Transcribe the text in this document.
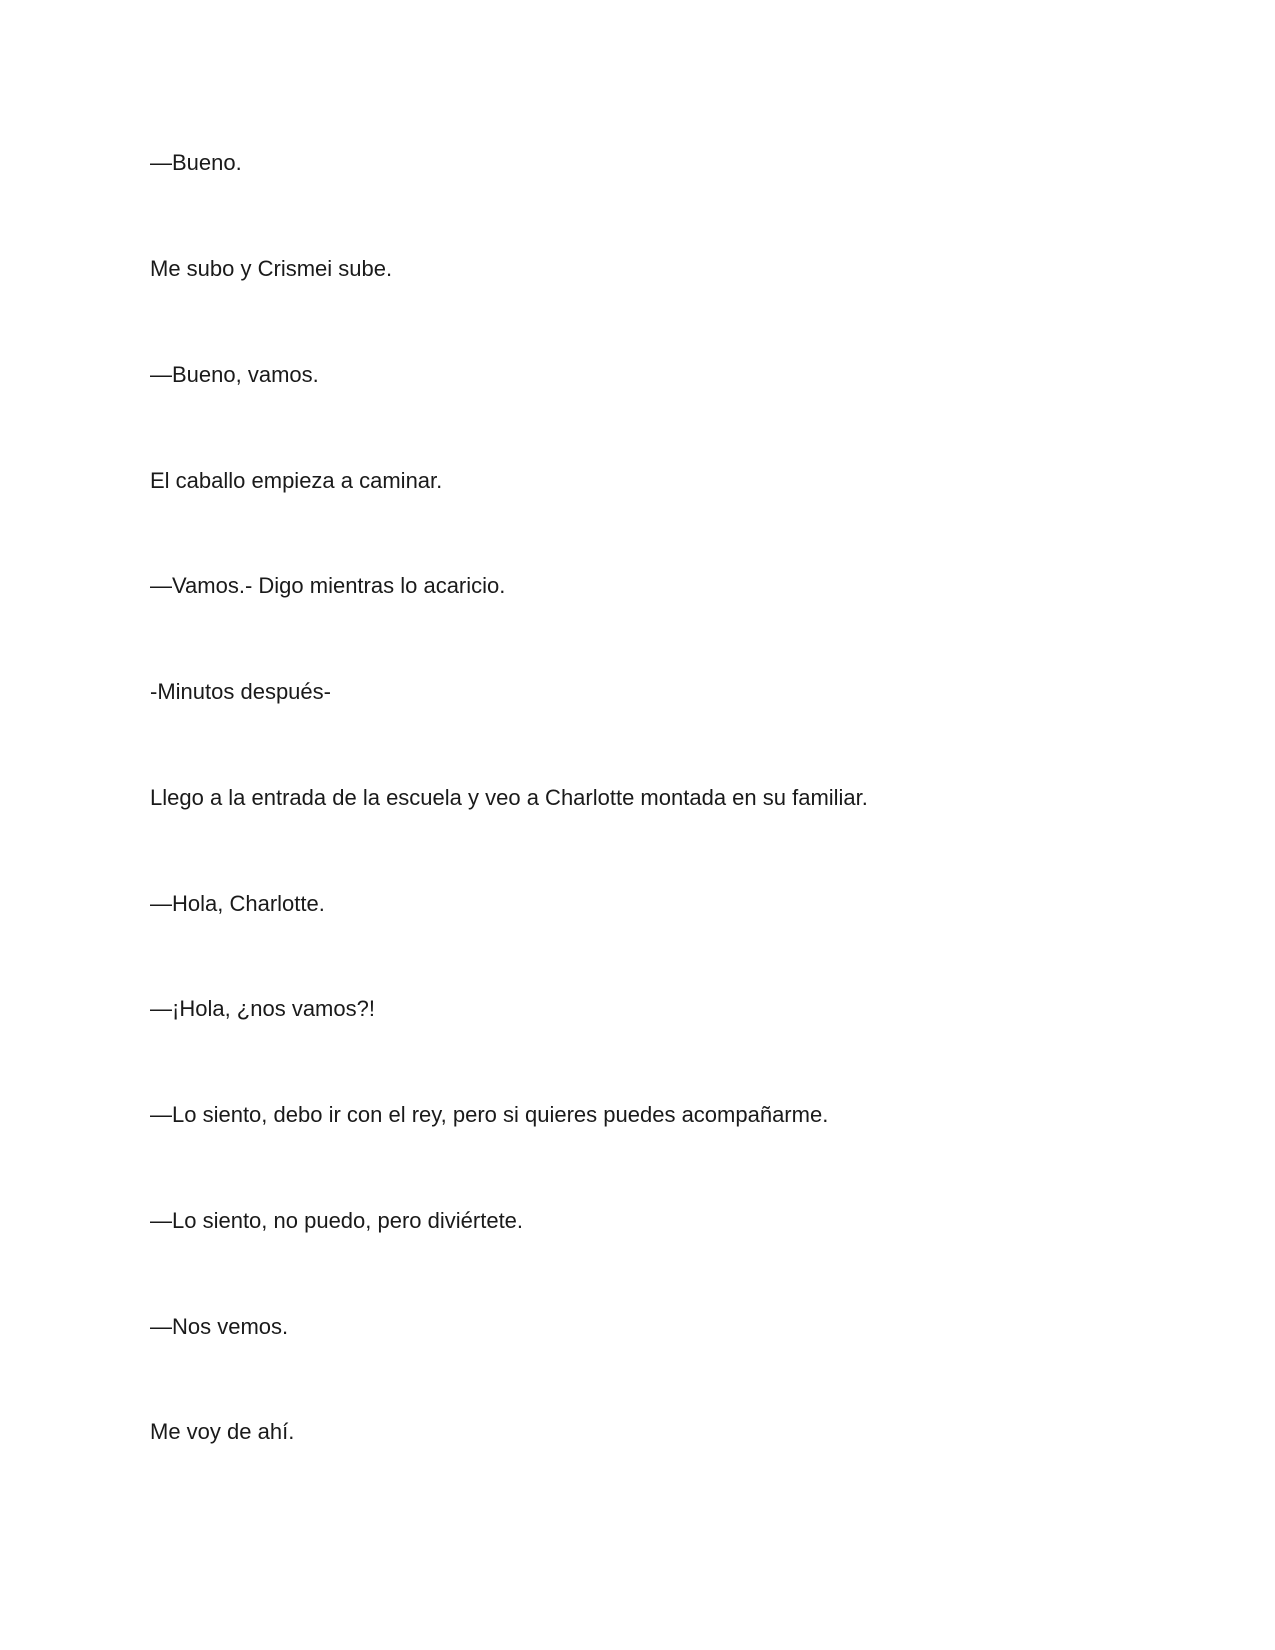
—Bueno.

Me subo y Crismei sube.

—Bueno, vamos.

El caballo empieza a caminar.

—Vamos.- Digo mientras lo acaricio.

-Minutos después-

Llego a la entrada de la escuela y veo a Charlotte montada en su familiar.

—Hola, Charlotte.

—¡Hola, ¿nos vamos?!

—Lo siento, debo ir con el rey, pero si quieres puedes acompañarme.

—Lo siento, no puedo, pero diviértete.

—Nos vemos.

Me voy de ahí.
